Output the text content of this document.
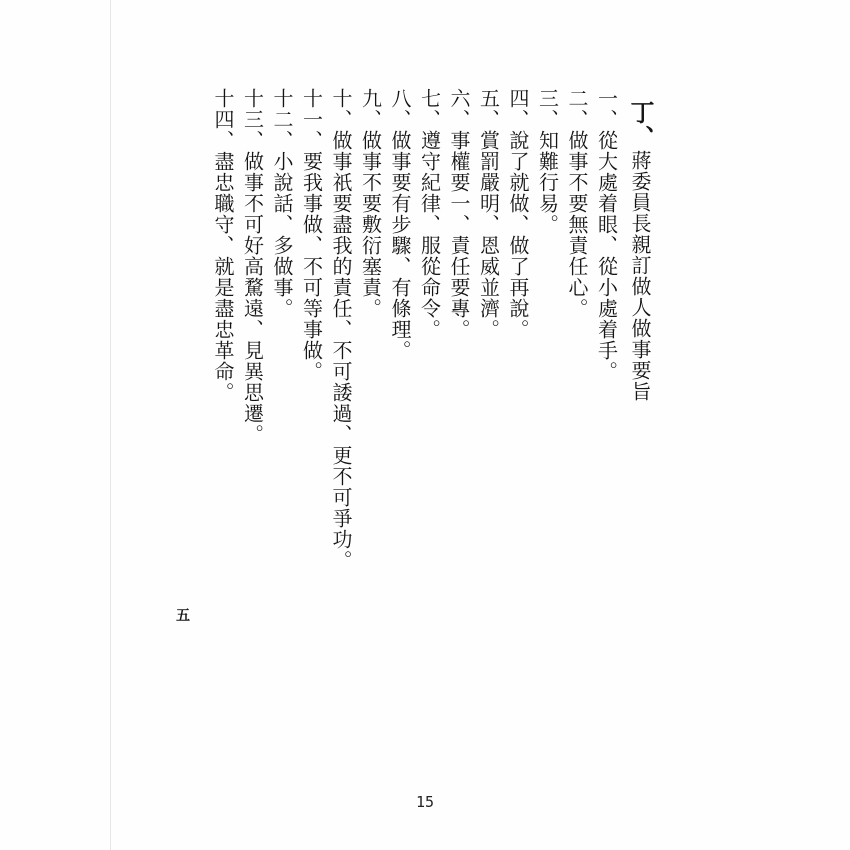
丁、蔣委員長親訂做人做事要旨
一、從大處着眼、從小處着手。
二、做事不要無責任心。
三、知難行易。
四、說了就做、做了再說。
五、賞罰嚴明、恩威並濟。
六、事權要一、責任要專。
七、遵守紀律、服從命令。
八、做事要有步驟、有條理。
九、做事不要敷衍塞責。
十、做事祇要盡我的責任、不可諉過、更不可爭功。
十一、要我事做、不可等事做。
十二、小說話、多做事。
十三、做事不可好高騖遠、見異思遷。
十四、盡忠職守、就是盡忠革命。
五
15
